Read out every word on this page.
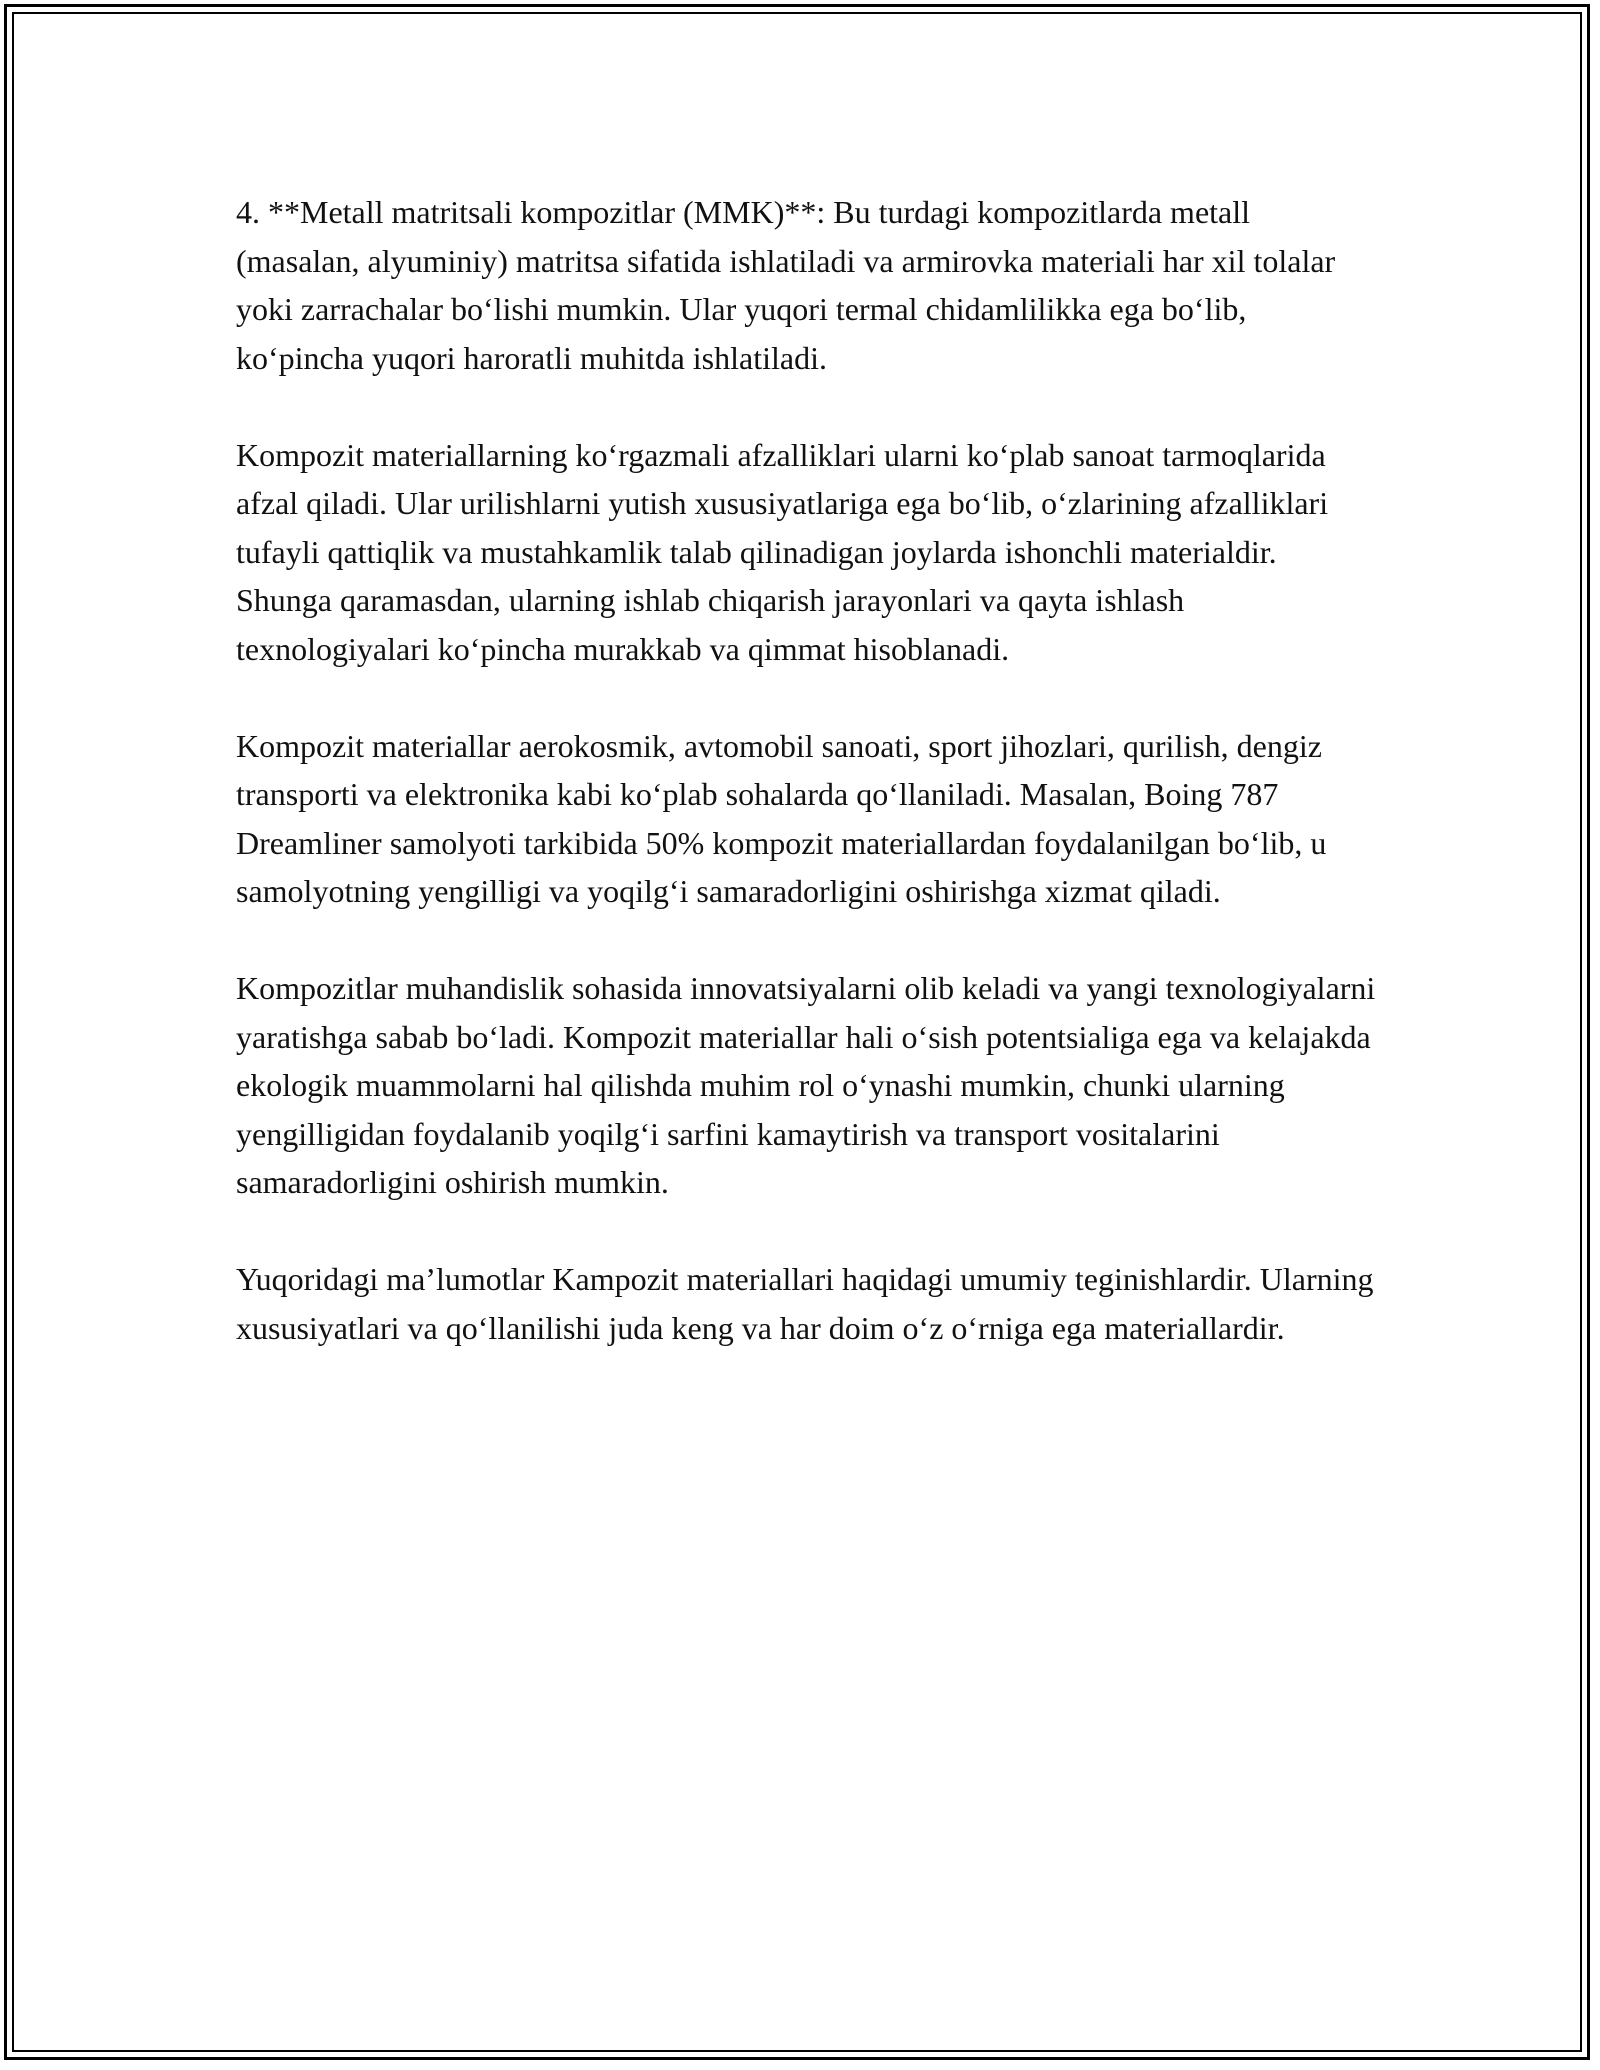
4. **Metall matritsali kompozitlar (MMK)**: Bu turdagi kompozitlarda metall (masalan, alyuminiy) matritsa sifatida ishlatiladi va armirovka materiali har xil tolalar yoki zarrachalar boʻlishi mumkin. Ular yuqori termal chidamlilikka ega boʻlib, koʻpincha yuqori haroratli muhitda ishlatiladi.

Kompozit materiallarning koʻrgazmali afzalliklari ularni koʻplab sanoat tarmoqlarida afzal qiladi. Ular urilishlarni yutish xususiyatlariga ega boʻlib, oʻzlarining afzalliklari tufayli qattiqlik va mustahkamlik talab qilinadigan joylarda ishonchli materialdir. Shunga qaramasdan, ularning ishlab chiqarish jarayonlari va qayta ishlash texnologiyalari koʻpincha murakkab va qimmat hisoblanadi.

Kompozit materiallar aerokosmik, avtomobil sanoati, sport jihozlari, qurilish, dengiz transporti va elektronika kabi koʻplab sohalarda qoʻllaniladi. Masalan, Boing 787 Dreamliner samolyoti tarkibida 50% kompozit materiallardan foydalanilgan boʻlib, u samolyotning yengilligi va yoqilgʻi samaradorligini oshirishga xizmat qiladi.

Kompozitlar muhandislik sohasida innovatsiyalarni olib keladi va yangi texnologiyalarni yaratishga sabab boʻladi. Kompozit materiallar hali oʻsish potentsialiga ega va kelajakda ekologik muammolarni hal qilishda muhim rol oʻynashi mumkin, chunki ularning yengilligidan foydalanib yoqilgʻi sarfini kamaytirish va transport vositalarini samaradorligini oshirish mumkin.

Yuqoridagi maʼlumotlar Kampozit materiallari haqidagi umumiy teginishlardir. Ularning xususiyatlari va qoʻllanilishi juda keng va har doim oʻz oʻrniga ega materiallardir.
